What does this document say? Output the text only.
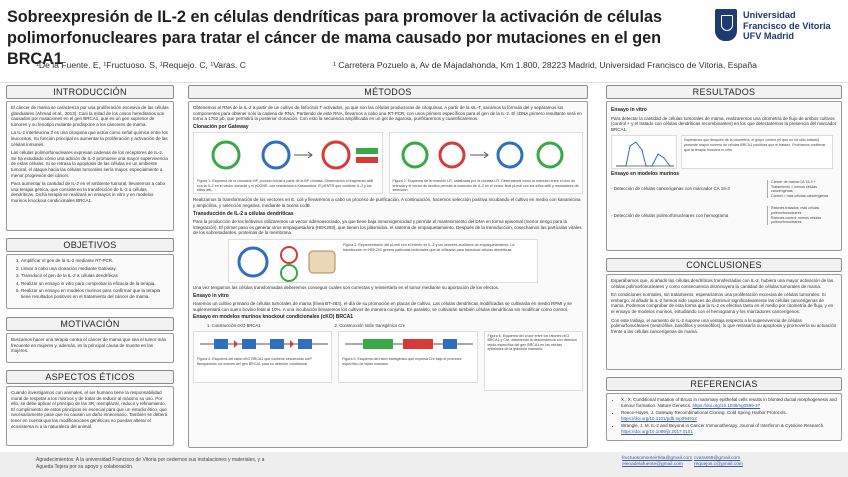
Sobreexpresión de IL-2 en células dendríticas para promover la activación de células polimorfonucleares para tratar el cáncer de mama causado por mutaciones en el gen BRCA1
¹De la Fuente. E, ¹Fructuoso. S, ¹Requejo. C, ¹Varas. C	¹ Carretera Pozuelo a, Av de Majadahonda, Km 1.800, 28223 Madrid, Universidad Francisco de Vitoria, España
Universidad
Francisco de Vitoria
UFV Madrid
INTRODUCCIÓN

El cáncer de mama se caracteriza por una proliferación excesiva de las células glandulares (Ahmad et al., 2013). Casi la mitad de los casos hereditarios son causados por mutaciones en el gen BRCA1, que es un gen supresor de tumores y su fenotipo mutante predispone a los cánceres de mama.

La IL-2 interleucina 2 es una citoquina que actúa como señal química entre los leucocitos. Su función principal es aumentar la proliferación y activación de las células inmunes.

Las células polimorfonucleares expresan cadenas de los receptores de IL-2. Se ha estudiado cómo una adición de IL-2 promueve una mayor supervivencia de estas células. Si se retrasa la apoptosis de las células en un ambiente tumoral, el ataque hacia las células tumorales sería mayor, especialmente a menor progresión del cáncer.

Para aumentar la cantidad de IL-2 en el ambiente tumoral, llevaremos a cabo una terapia génica, que consiste en la transfección de IL-2 a células dendríticas. Dicha terapia se realizará en ensayos in vitro y en modelos murinos knockout condicionales BRCA1.

OBJETIVOS
1. Amplificar el gen de la IL-2 mediante RT-PCR.
2. Llevar a cabo una clonación mediante Gateway.
3. Transducir el gen de la IL-2 a células dendríticas.
4. Realizar un ensayo in vitro para comprobar la eficacia de la terapia.
5. Realizar un ensayo en modelos murinos para confirmar que la terapia tiene resultados positivos en el tratamiento del cáncer de mama.
MOTIVACIÓN

Buscamos hacer una terapia contra el cáncer de mama que sea el tumor más frecuente en mujeres y, además, es la principal causa de muerte en las mujeres.

ASPECTOS ÉTICOS

Cuando investigamos con animales, el ser humano tiene la responsabilidad moral de respetar a los mismos y de tratar de reducir al máximo su uso. Por ello, se debe aplicar el principio de las 3R, reemplazar, reducir y refinamiento. El cumplimiento de estos principios es esencial para que un estudio ético, que necesariamente pase que no causen un daño innecesario. También se deberá tener en cuenta que las modificaciones genéticas no puedan alterar el ecosistema ni a la naturaleza del animal.

MÉTODOS

Obtenemos el RNA de la IL-2 a partir de un cultivo de linfocitos T activados, ya que son las células productoras de citoquinas. A partir de la sIL-T, sacamos la fórmula del y separamos los componentes para obtener solo la cadena de RNA. Partiendo de este RNA, llevamos a cabo una RT-PCR, con unos primers específicos para el gen de la IL-2. El cDNA primero resultante será en torno a 1762 pb, que permitirá la posterior clonación. Con esto la secuencia amplificada en un gel de agarosa, purificaremos y cuantificaremos.

Clonación por Gateway
Figura 1. Esquema de la clonación BP, proceso inicial a partir de la BP clonasa. Observación el fragmento attB con la IL-2 en el vector donante y el pDONR, con resistencia a Kanamicina. El pENTR que contiene IL-2 y los sitios attL.
Figura 2. Esquema de la reacción LR, catalizada por la clonasa LR. Observamos cómo la reacción entre el clon de entrada y el vector de destino permite la inserción de IL-2 en el vector final pLenti con los sitios attB y marcadores de selección.

Realizamos la transformación de los vectores en E. coli y llevaremos a cabo un proceso de purificación. A continuación, hacemos selección positiva incubando el cultivo en medio con kanamicina y ampicilina, y selección negativa, mediante la toxina ccdB.

Transducción de IL-2 a células dendríticas

Para la producción de los lentivirus utilizaremos un vector adenoasociado, ya que tiene baja inmunogenicidad y permite el mantenimiento del DNA en forma episomal (menor riesgo para la integración). El primer paso es generar virus empaquetadora (HEK293), que tienen los plásmidos, el sistema de empaquetamiento. Después de la transducción, cosechamos las partículas virales de los sobrenadantes, proteínas de la membrana.

Figura 3. Representación del pLenti con el inserto de IL-2 y los vectores auxiliares de empaquetamiento. La transfección en HEK293 genera partículas lentivirales que se utilizarán para transducir células dendríticas.

Una vez tengamos las células transformadas deberemos conseguir cuales son correctas y reinsertarlo en el tumor mediante su aportación de los efectos.

Ensayo in vitro

Haremos un cultivo primario de células tumorales de mama (línea BT-483), el día de su promoción en placas de cultivo. Las células dendríticas modificadas se cultivarán en medio RPMI y se suplementará con suero bovino fetal al 10%. A una incubación llevaremos los cultivos de manera conjunta. En paralelo, se cultivarán también células dendríticas sin modificar como control.

Ensayo en modelos murinos knockout condicionales (cKO) BRCA1
1. Construcción cKO BRCA1	2. Construcción ratón transgénico Cre
Figura 4. Esquema del ratón cKO BRCA1 que contiene secuencias loxP flanqueando los exones del gen BRCA1 para su deleción condicional.
Figura 5. Esquema del ratón transgénico que expresa Cre bajo el promotor específico de tejido mamario.
Figura 6. Esquema del cruce entre los ratones cKO BRCA1 y Cre, obteniendo la descendencia con deleción tejido-específica del gen BRCA1 en las células epiteliales de la glándula mamaria.
RESULTADOS
Ensayo in vitro

Para detectar la cantidad de células tumorales de mama, realizaremos una citometría de flujo de ambos cultivos (control + y el tratado con células dendríticas recombinantes) en los que detectaremos la presencia del marcador BRCA1.

Esperamos que después de la citometría, el grupo control (el que no ha sido tratado) presente mayor número de células BRCA1 positivas que el tratado. Podríamos confirmar que la terapia funciona in vitro.
Ensayo en modelos murinos
- Detección de células cancerígenas con marcador CA 15-3
Cáncer de mama CA 15-3 +
Tratamiento = menos células cancerígenas
Control = más células cancerígenas
- Detección de células polimorfonucleares con hemograma
Ratones tratados: más células polimorfonucleares
Ratones control: menos células polimorfonucleares
CONCLUSIONES

Esperábamos que, al añadir las células dendríticas transfectadas con IL-2, hubiera una mayor activación de las células polimorfonucleares y como consecuencia disminuyera la cantidad de células tumorales de mama.

En condiciones normales, sin tratamiento, esperaríamos una proliferación excesiva de células tumorales. Si embargo, al añadir la IL-2 hemos sido capaces de disminuir significativamente las células cancerígenas de mama. Podemos comprobar de esta forma que la IL-2 es efectiva tanto en el medio por citometría de flujo, y en el ensayo de modelos murinos, estudiando con el hemograma y los marcadores cancerígenos.

Con este trabajo, el aumento de IL-2 supone una ventaja respecto a la supervivencia de células polimorfonucleares (neutrófilos, basófilos y eosinófilos), lo que retrasaría su apoptosis y promovería su actuación frente a las células cancerígenas de mama.

REFERENCIAS
• X., X. Conditional mutation of Brca1 in mammary epithelial cells results in blunted ductal morphogenesis and tumour formation. Nature Genetics. https://doi.org/10.1038/ng0599-37
• Reece-Hoyes, J. Gateway Recombinational Cloning. Cold Spring Harbor Protocols. https://doi.org/10.1101/pdb.top094912
• Wrangle, J. M. IL-2 and Beyond in Cancer Immunotherapy. Journal of Interferon & Cytokine Research. https://doi.org/10.1089/jir.2017.0101
Agradecimientos: A la universidad Francisco de Vitoria por cedernos sus instalaciones y materiales, y a Agueda Tejera por su apoyo y colaboración.
fructuosomonteirhita@gmail.com cvaras69@gmail.com
elenadelafuente@gmail.com requejos.c@gmail.com
